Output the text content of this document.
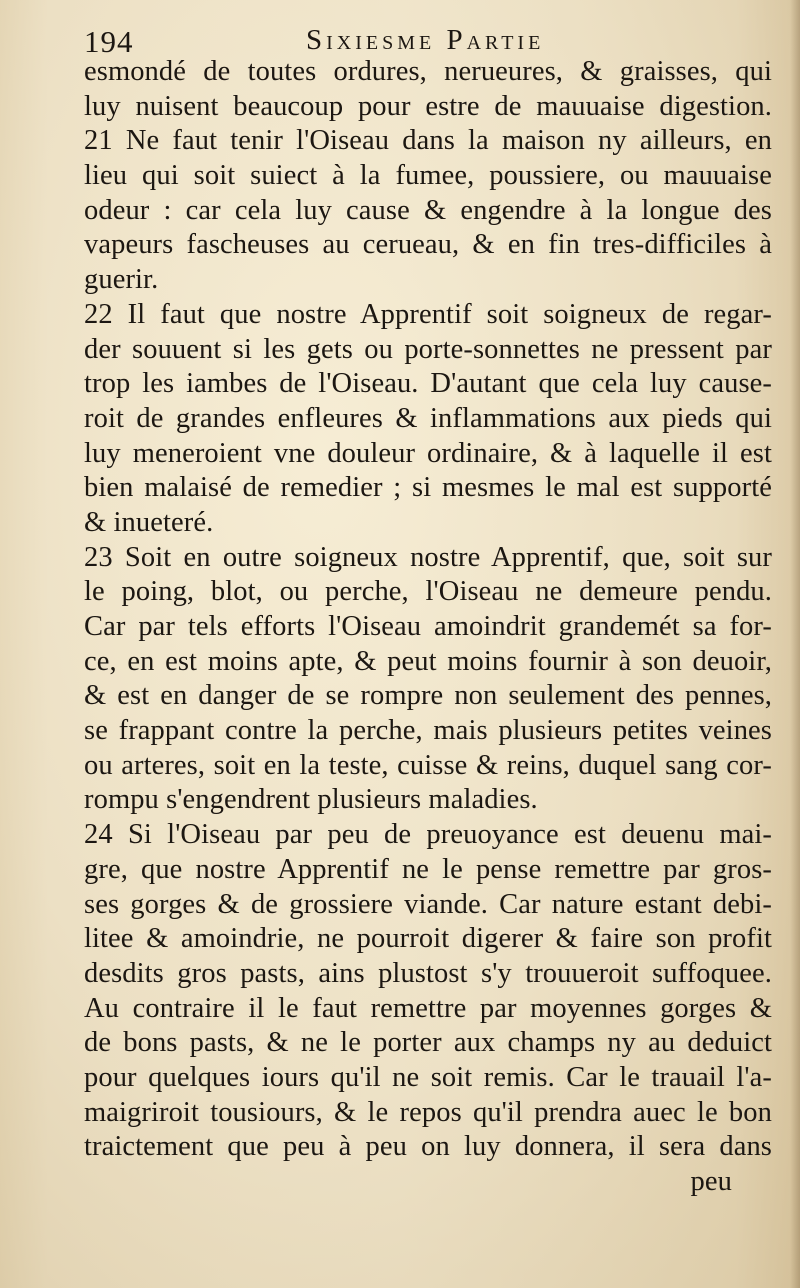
194	Sixiesme Partie
esmondé de toutes ordures, nerueures, & graisses, qui
luy nuisent beaucoup pour estre de mauuaise digestion.
21 Ne faut tenir l'Oiseau dans la maison ny ailleurs, en
lieu qui soit suiect à la fumee, poussiere, ou mauuaise
odeur : car cela luy cause & engendre à la longue des
vapeurs fascheuses au cerueau, & en fin tres-difficiles à
guerir.
22 Il faut que nostre Apprentif soit soigneux de regar-
der souuent si les gets ou porte-sonnettes ne pressent par
trop les iambes de l'Oiseau. D'autant que cela luy cause-
roit de grandes enfleures & inflammations aux pieds qui
luy meneroient vne douleur ordinaire, & à laquelle il est
bien malaisé de remedier ; si mesmes le mal est supporté
& inueteré.
23 Soit en outre soigneux nostre Apprentif, que, soit sur
le poing, blot, ou perche, l'Oiseau ne demeure pendu.
Car par tels efforts l'Oiseau amoindrit grandemét sa for-
ce, en est moins apte, & peut moins fournir à son deuoir,
& est en danger de se rompre non seulement des pennes,
se frappant contre la perche, mais plusieurs petites veines
ou arteres, soit en la teste, cuisse & reins, duquel sang cor-
rompu s'engendrent plusieurs maladies.
24 Si l'Oiseau par peu de preuoyance est deuenu mai-
gre, que nostre Apprentif ne le pense remettre par gros-
ses gorges & de grossiere viande. Car nature estant debi-
litee & amoindrie, ne pourroit digerer & faire son profit
desdits gros pasts, ains plustost s'y trouueroit suffoquee.
Au contraire il le faut remettre par moyennes gorges &
de bons pasts, & ne le porter aux champs ny au deduict
pour quelques iours qu'il ne soit remis. Car le trauail l'a-
maigriroit tousiours, & le repos qu'il prendra auec le bon
traictement que peu à peu on luy donnera, il sera dans
peu
